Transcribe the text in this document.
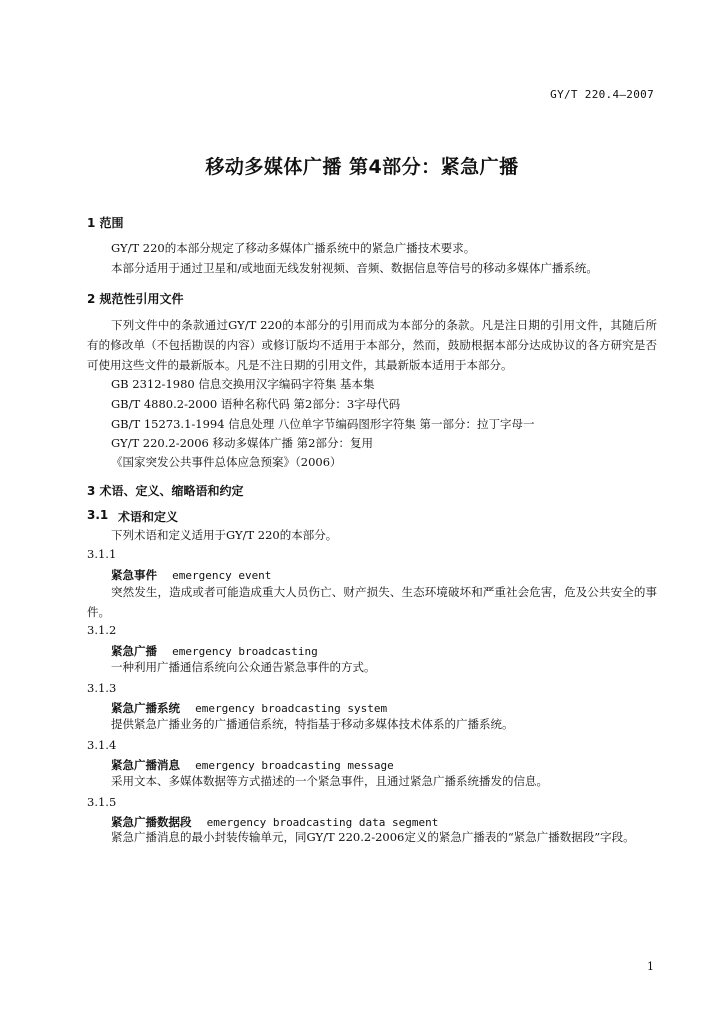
GY/T 220.4—2007
移动多媒体广播 第4部分：紧急广播
1 范围
GY/T 220的本部分规定了移动多媒体广播系统中的紧急广播技术要求。
本部分适用于通过卫星和/或地面无线发射视频、音频、数据信息等信号的移动多媒体广播系统。
2 规范性引用文件
下列文件中的条款通过GY/T 220的本部分的引用而成为本部分的条款。凡是注日期的引用文件，其随后所有的修改单（不包括勘误的内容）或修订版均不适用于本部分，然而，鼓励根据本部分达成协议的各方研究是否可使用这些文件的最新版本。凡是不注日期的引用文件，其最新版本适用于本部分。
GB 2312-1980 信息交换用汉字编码字符集 基本集
GB/T 4880.2-2000 语种名称代码 第2部分：3字母代码
GB/T 15273.1-1994 信息处理 八位单字节编码图形字符集 第一部分：拉丁字母一
GY/T 220.2-2006 移动多媒体广播 第2部分：复用
《国家突发公共事件总体应急预案》（2006）
3 术语、定义、缩略语和约定
3.1 术语和定义
下列术语和定义适用于GY/T 220的本部分。
3.1.1
紧急事件 emergency event
突然发生，造成或者可能造成重大人员伤亡、财产损失、生态环境破坏和严重社会危害，危及公共安全的事件。
3.1.2
紧急广播 emergency broadcasting
一种利用广播通信系统向公众通告紧急事件的方式。
3.1.3
紧急广播系统 emergency broadcasting system
提供紧急广播业务的广播通信系统，特指基于移动多媒体技术体系的广播系统。
3.1.4
紧急广播消息 emergency broadcasting message
采用文本、多媒体数据等方式描述的一个紧急事件，且通过紧急广播系统播发的信息。
3.1.5
紧急广播数据段 emergency broadcasting data segment
紧急广播消息的最小封装传输单元，同GY/T 220.2-2006定义的紧急广播表的“紧急广播数据段”字段。
1
